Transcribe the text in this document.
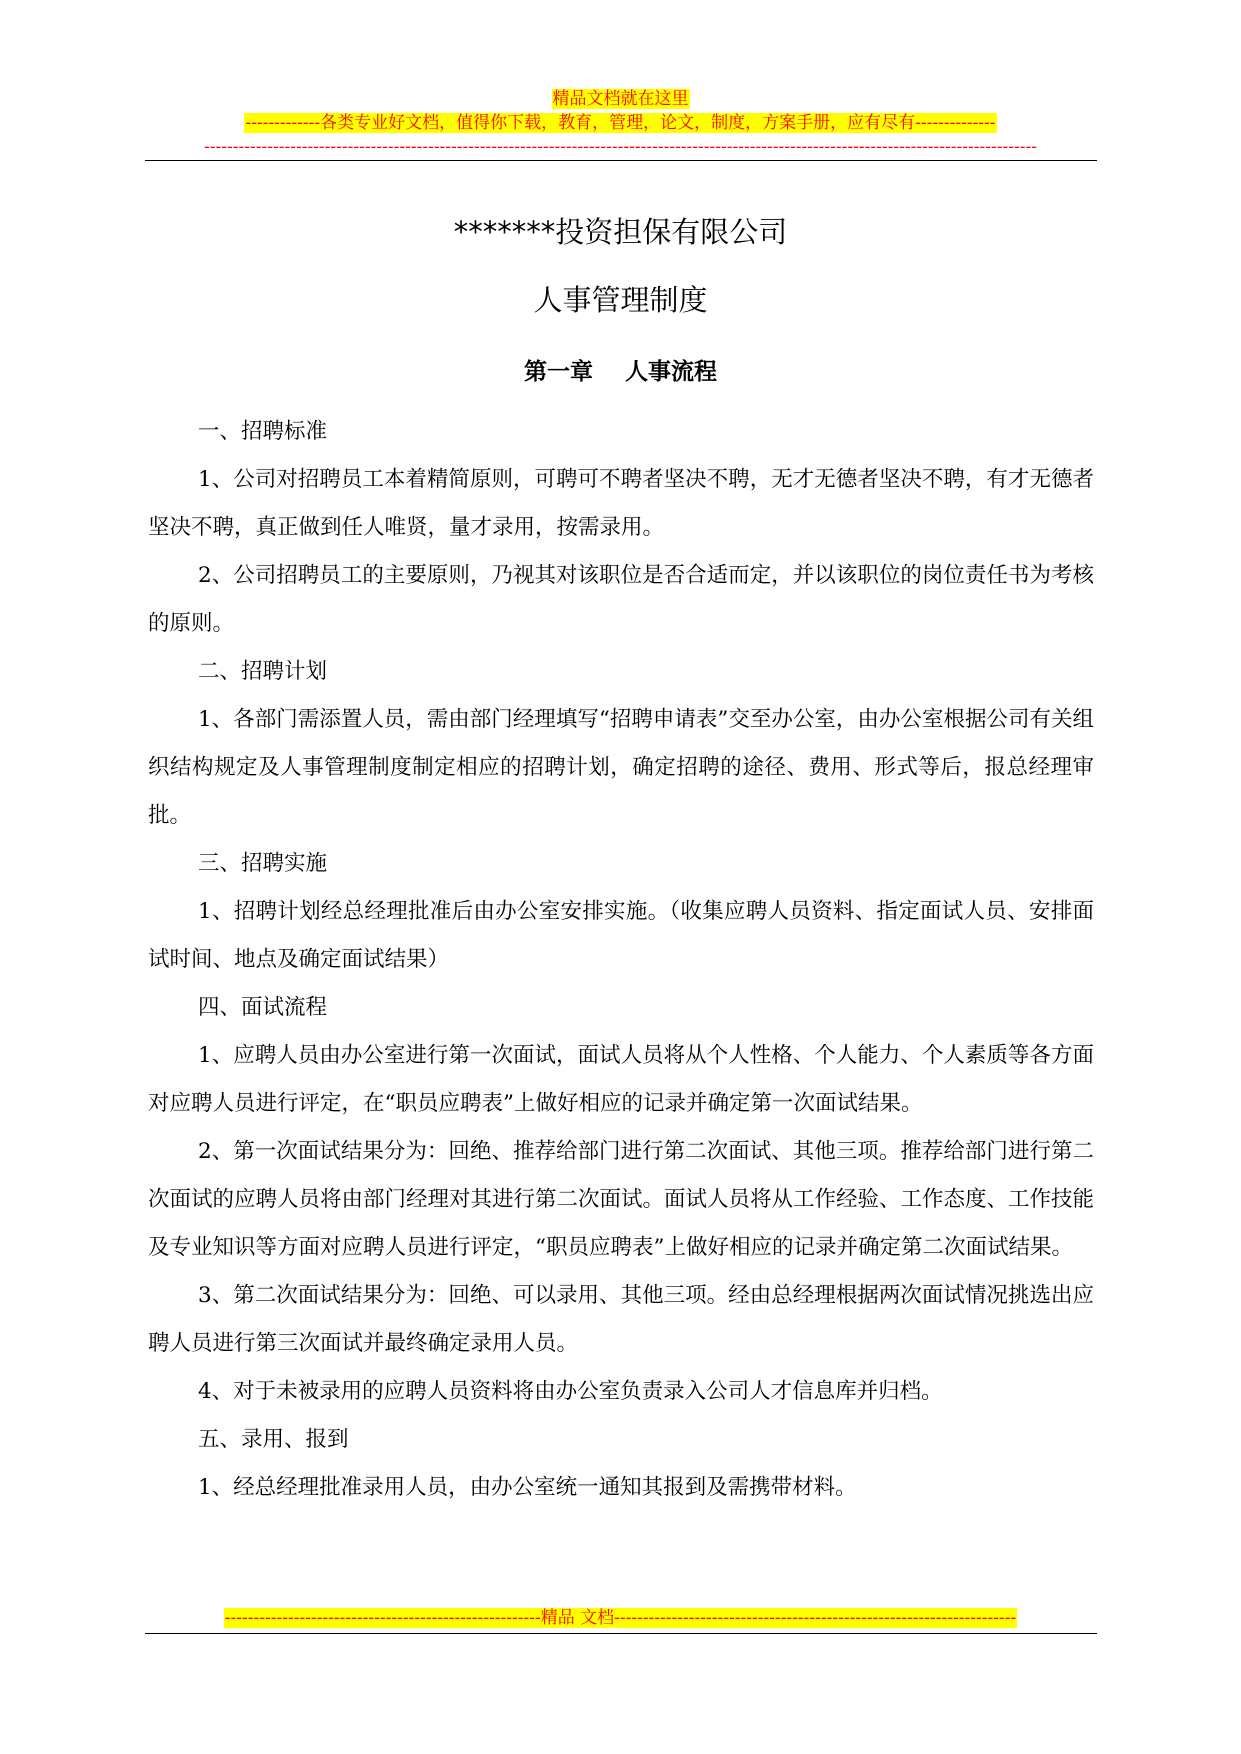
精品文档就在这里
-------------各类专业好文档，值得你下载，教育，管理，论文，制度，方案手册，应有尽有--------------
-------------------------------------------------------------------------------------------------------------------------------------------------
*******投资担保有限公司
人事管理制度
第一章    人事流程

一、招聘标准

1、公司对招聘员工本着精简原则，可聘可不聘者坚决不聘，无才无德者坚决不聘，有才无德者坚决不聘，真正做到任人唯贤，量才录用，按需录用。

2、公司招聘员工的主要原则，乃视其对该职位是否合适而定，并以该职位的岗位责任书为考核的原则。

二、招聘计划

1、各部门需添置人员，需由部门经理填写“招聘申请表”交至办公室，由办公室根据公司有关组织结构规定及人事管理制度制定相应的招聘计划，确定招聘的途径、费用、形式等后，报总经理审批。

三、招聘实施

1、招聘计划经总经理批准后由办公室安排实施。（收集应聘人员资料、指定面试人员、安排面试时间、地点及确定面试结果）

四、面试流程

1、应聘人员由办公室进行第一次面试，面试人员将从个人性格、个人能力、个人素质等各方面对应聘人员进行评定，在“职员应聘表”上做好相应的记录并确定第一次面试结果。

2、第一次面试结果分为：回绝、推荐给部门进行第二次面试、其他三项。推荐给部门进行第二次面试的应聘人员将由部门经理对其进行第二次面试。面试人员将从工作经验、工作态度、工作技能及专业知识等方面对应聘人员进行评定，“职员应聘表”上做好相应的记录并确定第二次面试结果。

3、第二次面试结果分为：回绝、可以录用、其他三项。经由总经理根据两次面试情况挑选出应聘人员进行第三次面试并最终确定录用人员。

4、对于未被录用的应聘人员资料将由办公室负责录入公司人才信息库并归档。

五、录用、报到

1、经总经理批准录用人员，由办公室统一通知其报到及需携带材料。

-------------------------------------------------------精品 文档----------------------------------------------------------------------
